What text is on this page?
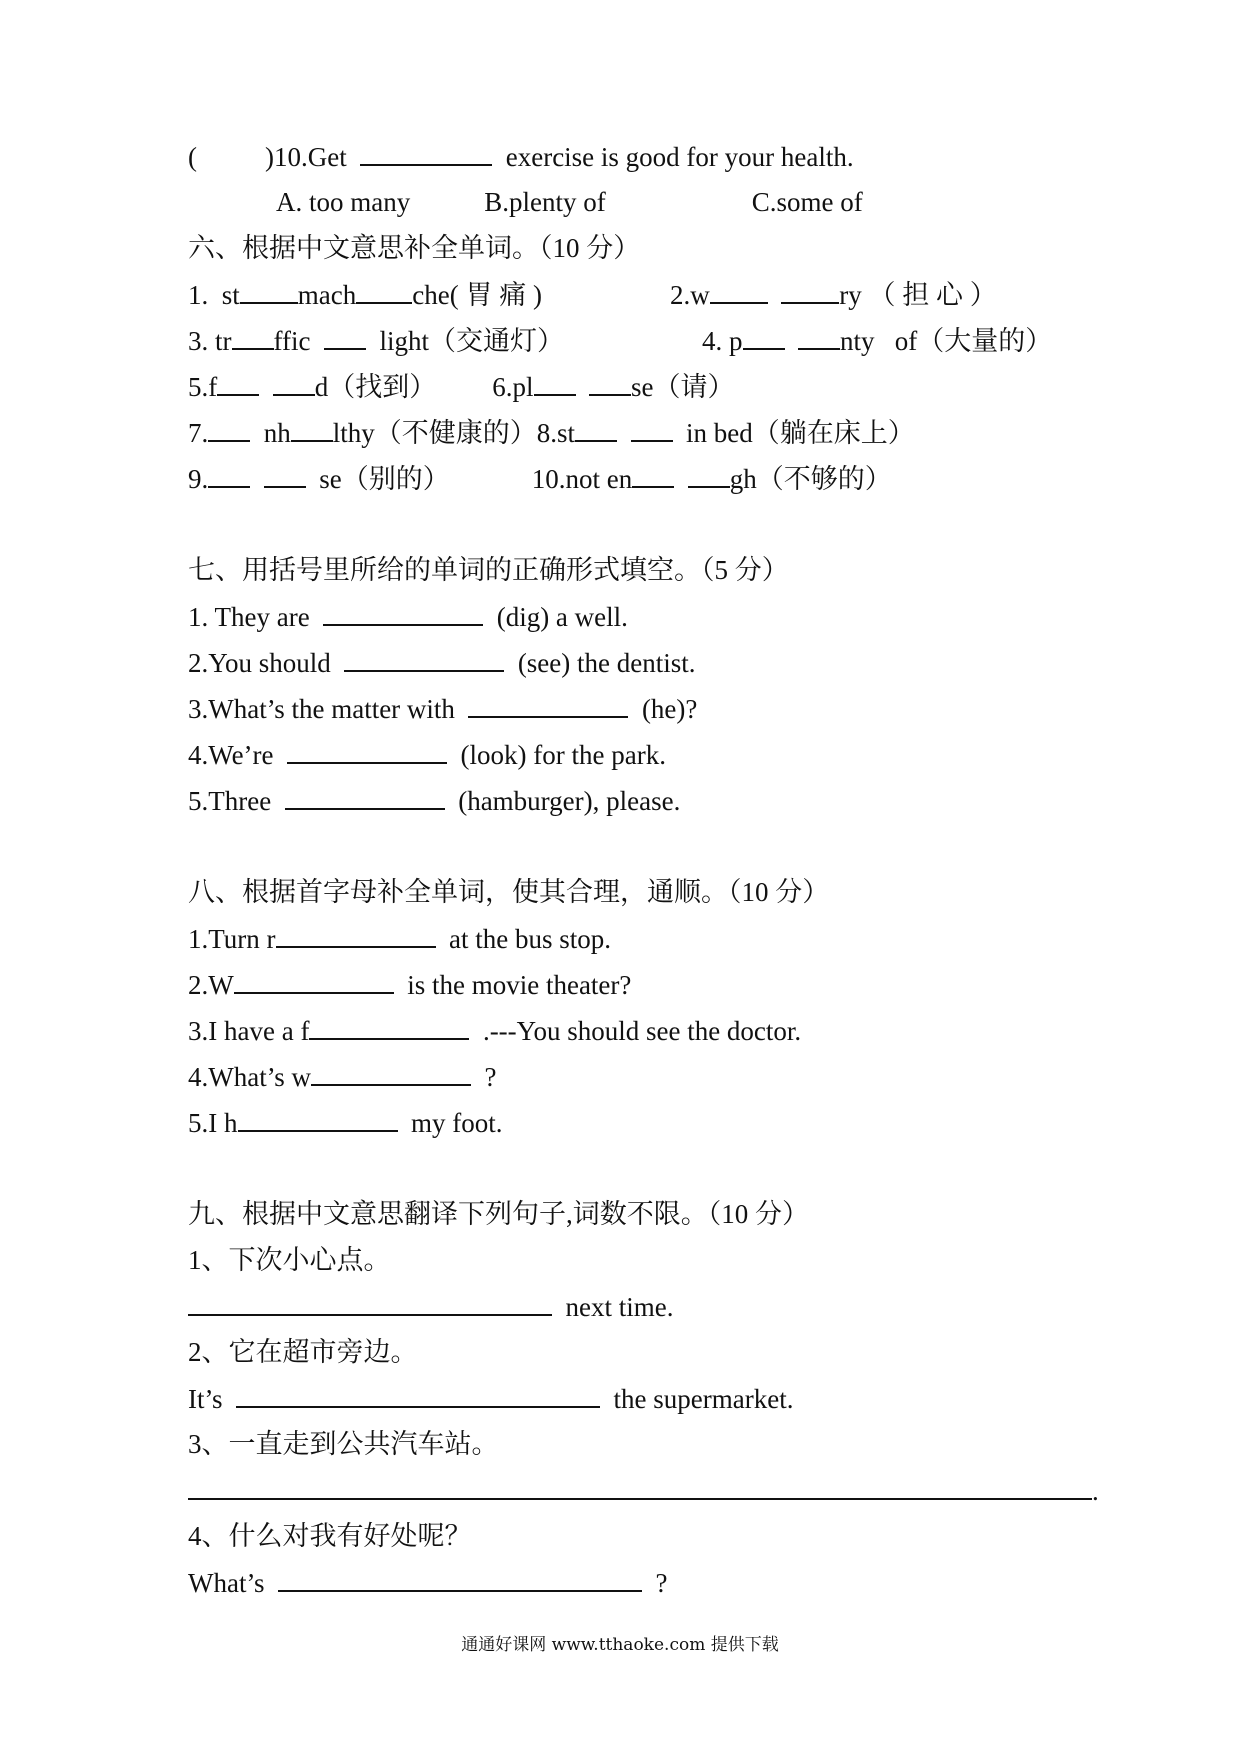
(	)10.Get	exercise is good for your health.
A. too many	B.plenty of	C.some of
六、根据中文意思补全单词。（10 分）
1.  st mach che( 胃 痛 )	2.w	ry （ 担 心 ）
3. tr ffic	light（交通灯）	4. p	nty of（大量的）
5.f	d（找到） 6.pl	se（请）
7. nh lthy（不健康的）8.st	in bed（躺在床上）
9.	se（别的）	10.not en	gh（不够的）
七、用括号里所给的单词的正确形式填空。（5 分）
1. They are	(dig) a well.
2.You should	(see) the dentist.
3.What’s the matter with	(he)?
4.We’re	(look) for the park.
5.Three	(hamburger), please.
八、根据首字母补全单词，使其合理，通顺。（10 分）
1.Turn r	at the bus stop.
2.W	is the movie theater?
3.I have a f	.---You should see the doctor.
4.What’s w	?
5.I h	my foot.
九、根据中文意思翻译下列句子,词数不限。（10 分）
1、下次小心点。
next time.
2、它在超市旁边。
It’s	the supermarket.
3、一直走到公共汽车站。
.
4、什么对我有好处呢？
What’s	?
通通好课网 www.tthaoke.com 提供下载
